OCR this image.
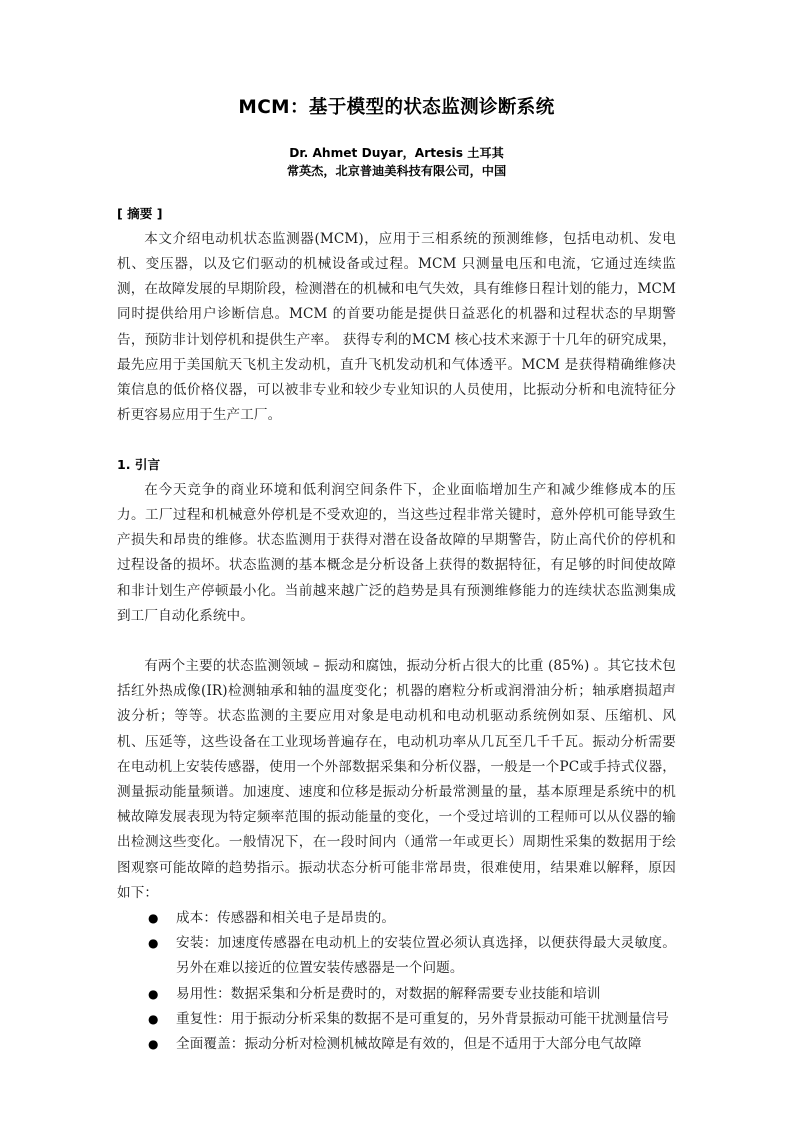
MCM：基于模型的状态监测诊断系统
Dr. Ahmet Duyar，Artesis 土耳其
常英杰，北京普迪美科技有限公司，中国
[ 摘要 ]

本文介绍电动机状态监测器(MCM)，应用于三相系统的预测维修，包括电动机、发电机、变压器，以及它们驱动的机械设备或过程。MCM 只测量电压和电流，它通过连续监测，在故障发展的早期阶段，检测潜在的机械和电气失效，具有维修日程计划的能力，MCM 同时提供给用户诊断信息。MCM 的首要功能是提供日益恶化的机器和过程状态的早期警告，预防非计划停机和提供生产率。 获得专利的MCM 核心技术来源于十几年的研究成果，最先应用于美国航天飞机主发动机，直升飞机发动机和气体透平。MCM 是获得精确维修决策信息的低价格仪器，可以被非专业和较少专业知识的人员使用，比振动分析和电流特征分析更容易应用于生产工厂。

1. 引言

在今天竞争的商业环境和低利润空间条件下，企业面临增加生产和减少维修成本的压力。工厂过程和机械意外停机是不受欢迎的，当这些过程非常关键时，意外停机可能导致生产损失和昂贵的维修。状态监测用于获得对潜在设备故障的早期警告，防止高代价的停机和过程设备的损坏。状态监测的基本概念是分析设备上获得的数据特征，有足够的时间使故障和非计划生产停顿最小化。当前越来越广泛的趋势是具有预测维修能力的连续状态监测集成到工厂自动化系统中。

有两个主要的状态监测领域 – 振动和腐蚀，振动分析占很大的比重 (85%) 。其它技术包括红外热成像(IR)检测轴承和轴的温度变化；机器的磨粒分析或润滑油分析；轴承磨损超声波分析；等等。状态监测的主要应用对象是电动机和电动机驱动系统例如泵、压缩机、风机、压延等，这些设备在工业现场普遍存在，电动机功率从几瓦至几千千瓦。振动分析需要在电动机上安装传感器，使用一个外部数据采集和分析仪器，一般是一个PC或手持式仪器，测量振动能量频谱。加速度、速度和位移是振动分析最常测量的量，基本原理是系统中的机械故障发展表现为特定频率范围的振动能量的变化，一个受过培训的工程师可以从仪器的输出检测这些变化。一般情况下，在一段时间内（通常一年或更长）周期性采集的数据用于绘图观察可能故障的趋势指示。振动状态分析可能非常昂贵，很难使用，结果难以解释，原因如下：

● 成本：传感器和相关电子是昂贵的。
● 安装：加速度传感器在电动机上的安装位置必须认真选择，以便获得最大灵敏度。另外在难以接近的位置安装传感器是一个问题。
● 易用性：数据采集和分析是费时的，对数据的解释需要专业技能和培训
● 重复性：用于振动分析采集的数据不是可重复的，另外背景振动可能干扰测量信号
● 全面覆盖：振动分析对检测机械故障是有效的，但是不适用于大部分电气故障
